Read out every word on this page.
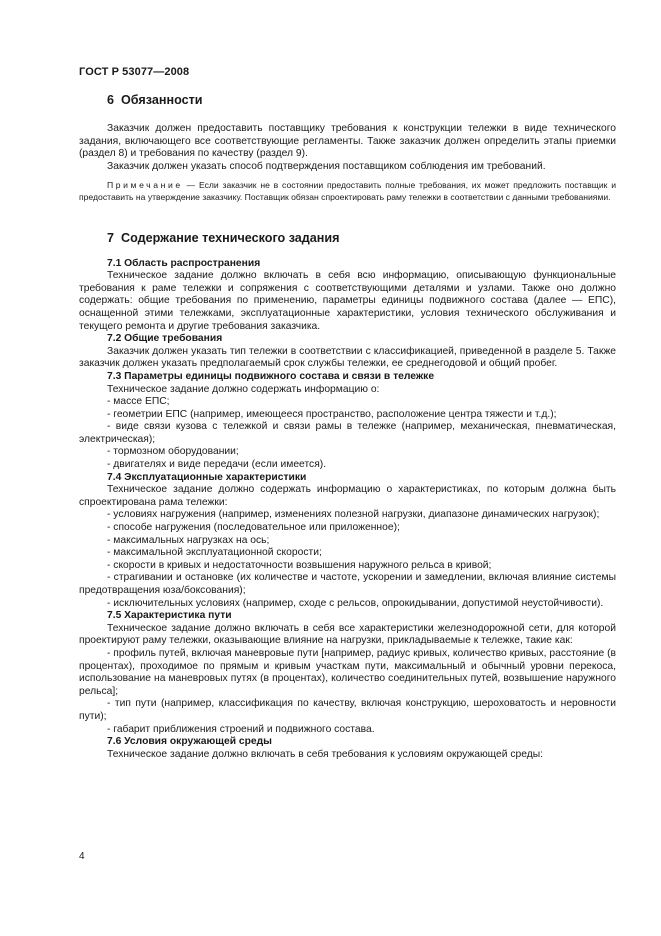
ГОСТ Р 53077—2008

6 Обязанности

Заказчик должен предоставить поставщику требования к конструкции тележки в виде технического задания, включающего все соответствующие регламенты. Также заказчик должен определить этапы приемки (раздел 8) и требования по качеству (раздел 9).

Заказчик должен указать способ подтверждения поставщиком соблюдения им требований.

Примечание — Если заказчик не в состоянии предоставить полные требования, их может предложить поставщик и предоставить на утверждение заказчику. Поставщик обязан спроектировать раму тележки в соответствии с данными требованиями.

7 Содержание технического задания

7.1 Область распространения

Техническое задание должно включать в себя всю информацию, описывающую функциональные требования к раме тележки и сопряжения с соответствующими деталями и узлами. Также оно должно содержать: общие требования по применению, параметры единицы подвижного состава (далее — ЕПС), оснащенной этими тележками, эксплуатационные характеристики, условия технического обслуживания и текущего ремонта и другие требования заказчика.

7.2 Общие требования

Заказчик должен указать тип тележки в соответствии с классификацией, приведенной в разделе 5. Также заказчик должен указать предполагаемый срок службы тележки, ее среднегодовой и общий пробег.

7.3 Параметры единицы подвижного состава и связи в тележке

Техническое задание должно содержать информацию о:

- массе ЕПС;

- геометрии ЕПС (например, имеющееся пространство, расположение центра тяжести и т.д.);

- виде связи кузова с тележкой и связи рамы в тележке (например, механическая, пневматическая, электрическая);

- тормозном оборудовании;

- двигателях и виде передачи (если имеется).

7.4 Эксплуатационные характеристики

Техническое задание должно содержать информацию о характеристиках, по которым должна быть спроектирована рама тележки:

- условиях нагружения (например, изменениях полезной нагрузки, диапазоне динамических нагрузок);

- способе нагружения (последовательное или приложенное);

- максимальных нагрузках на ось;

- максимальной эксплуатационной скорости;

- скорости в кривых и недостаточности возвышения наружного рельса в кривой;

- страгивании и остановке (их количестве и частоте, ускорении и замедлении, включая влияние системы предотвращения юза/боксования);

- исключительных условиях (например, сходе с рельсов, опрокидывании, допустимой неустойчивости).

7.5 Характеристика пути

Техническое задание должно включать в себя все характеристики железнодорожной сети, для которой проектируют раму тележки, оказывающие влияние на нагрузки, прикладываемые к тележке, такие как:

- профиль путей, включая маневровые пути [например, радиус кривых, количество кривых, расстояние (в процентах), проходимое по прямым и кривым участкам пути, максимальный и обычный уровни перекоса, использование на маневровых путях (в процентах), количество соединительных путей, возвышение наружного рельса];

- тип пути (например, классификация по качеству, включая конструкцию, шероховатость и неровности пути);

- габарит приближения строений и подвижного состава.

7.6 Условия окружающей среды

Техническое задание должно включать в себя требования к условиям окружающей среды:

4
